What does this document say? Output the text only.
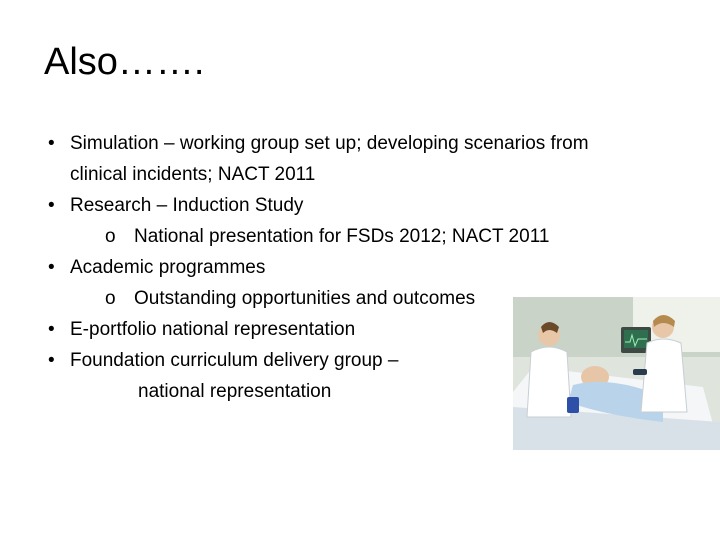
Also…….
• Simulation – working group set up; developing scenarios from
clinical incidents; NACT 2011
• Research – Induction Study
o National presentation for FSDs 2012; NACT 2011
• Academic programmes
o Outstanding opportunities and outcomes
• E-portfolio national representation
• Foundation curriculum delivery group –
national representation
